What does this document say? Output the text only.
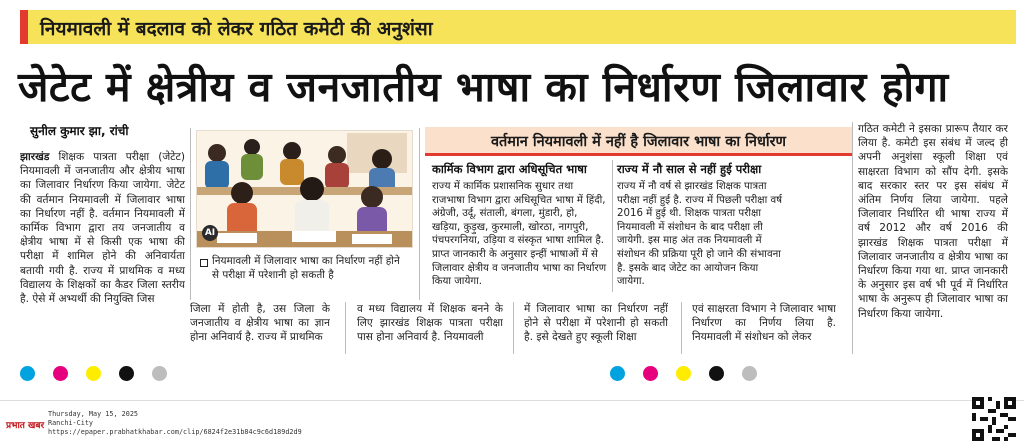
नियमावली में बदलाव को लेकर गठित कमेटी की अनुशंसा
जेटेट में क्षेत्रीय व जनजातीय भाषा का निर्धारण जिलावार होगा
सुनील कुमार झा, रांची
झारखंड शिक्षक पात्रता परीक्षा (जेटेट) नियमावली में जनजातीय और क्षेत्रीय भाषा का जिलावार निर्धारण किया जायेगा. जेटेट की वर्तमान नियमावली में जिलावार भाषा का निर्धारण नहीं है. वर्तमान नियमावली में कार्मिक विभाग द्वारा तय जनजातीय व क्षेत्रीय भाषा में से किसी एक भाषा की परीक्षा में शामिल होने की अनिवार्यता बतायी गयी है. राज्य में प्राथमिक व मध्य विद्यालय के शिक्षकों का कैडर जिला स्तरीय है. ऐसे में अभ्यर्थी की नियुक्ति जिस
AI
नियमावली में जिलावार भाषा का निर्धारण नहीं होने से परीक्षा में परेशानी हो सकती है
वर्तमान नियमावली में नहीं है जिलावार भाषा का निर्धारण
कार्मिक विभाग द्वारा अधिसूचित भाषा
राज्य में कार्मिक प्रशासनिक सुधार तथा राजभाषा विभाग द्वारा अधिसूचित भाषा में हिंदी, अंग्रेजी, उर्दू, संताली, बंगला, मुंडारी, हो, खड़िया, कुड़ुख, कुरमाली, खोरठा, नागपुरी, पंचपरगनिया, उड़िया व संस्कृत भाषा शामिल है. प्राप्त जानकारी के अनुसार इन्हीं भाषाओं में से जिलावार क्षेत्रीय व जनजातीय भाषा का निर्धारण किया जायेगा.
राज्य में नौ साल से नहीं हुई परीक्षा
राज्य में नौ वर्ष से झारखंड शिक्षक पात्रता परीक्षा नहीं हुई है. राज्य में पिछली परीक्षा वर्ष 2016 में हुई थी. शिक्षक पात्रता परीक्षा नियमावली में संशोधन के बाद परीक्षा ली जायेगी. इस माह अंत तक नियमावली में संशोधन की प्रक्रिया पूरी हो जाने की संभावना है. इसके बाद जेटेट का आयोजन किया जायेगा.
जिला में होती है, उस जिला के जनजातीय व क्षेत्रीय भाषा का ज्ञान होना अनिवार्य है. राज्य में प्राथमिक
व मध्य विद्यालय में शिक्षक बनने के लिए झारखंड शिक्षक पात्रता परीक्षा पास होना अनिवार्य है. नियमावली
में जिलावार भाषा का निर्धारण नहीं होने से परीक्षा में परेशानी हो सकती है. इसे देखते हुए स्कूली शिक्षा
एवं साक्षरता विभाग ने जिलावार भाषा निर्धारण का निर्णय लिया है. नियमावली में संशोधन को लेकर
गठित कमेटी ने इसका प्रारूप तैयार कर लिया है. कमेटी इस संबंध में जल्द ही अपनी अनुशंसा स्कूली शिक्षा एवं साक्षरता विभाग को सौंप देगी. इसके बाद सरकार स्तर पर इस संबंध में अंतिम निर्णय लिया जायेगा. पहले जिलावार निर्धारित थी भाषा राज्य में वर्ष 2012 और वर्ष 2016 की झारखंड शिक्षक पात्रता परीक्षा में जिलावार जनजातीय व क्षेत्रीय भाषा का निर्धारण किया गया था. प्राप्त जानकारी के अनुसार इस वर्ष भी पूर्व में निर्धारित भाषा के अनुरूप ही जिलावार भाषा का निर्धारण किया जायेगा.
प्रभात खबर
Thursday, May 15, 2025
Ranchi-City
https://epaper.prabhatkhabar.com/clip/6824f2e31b84c9c6d189d2d9
